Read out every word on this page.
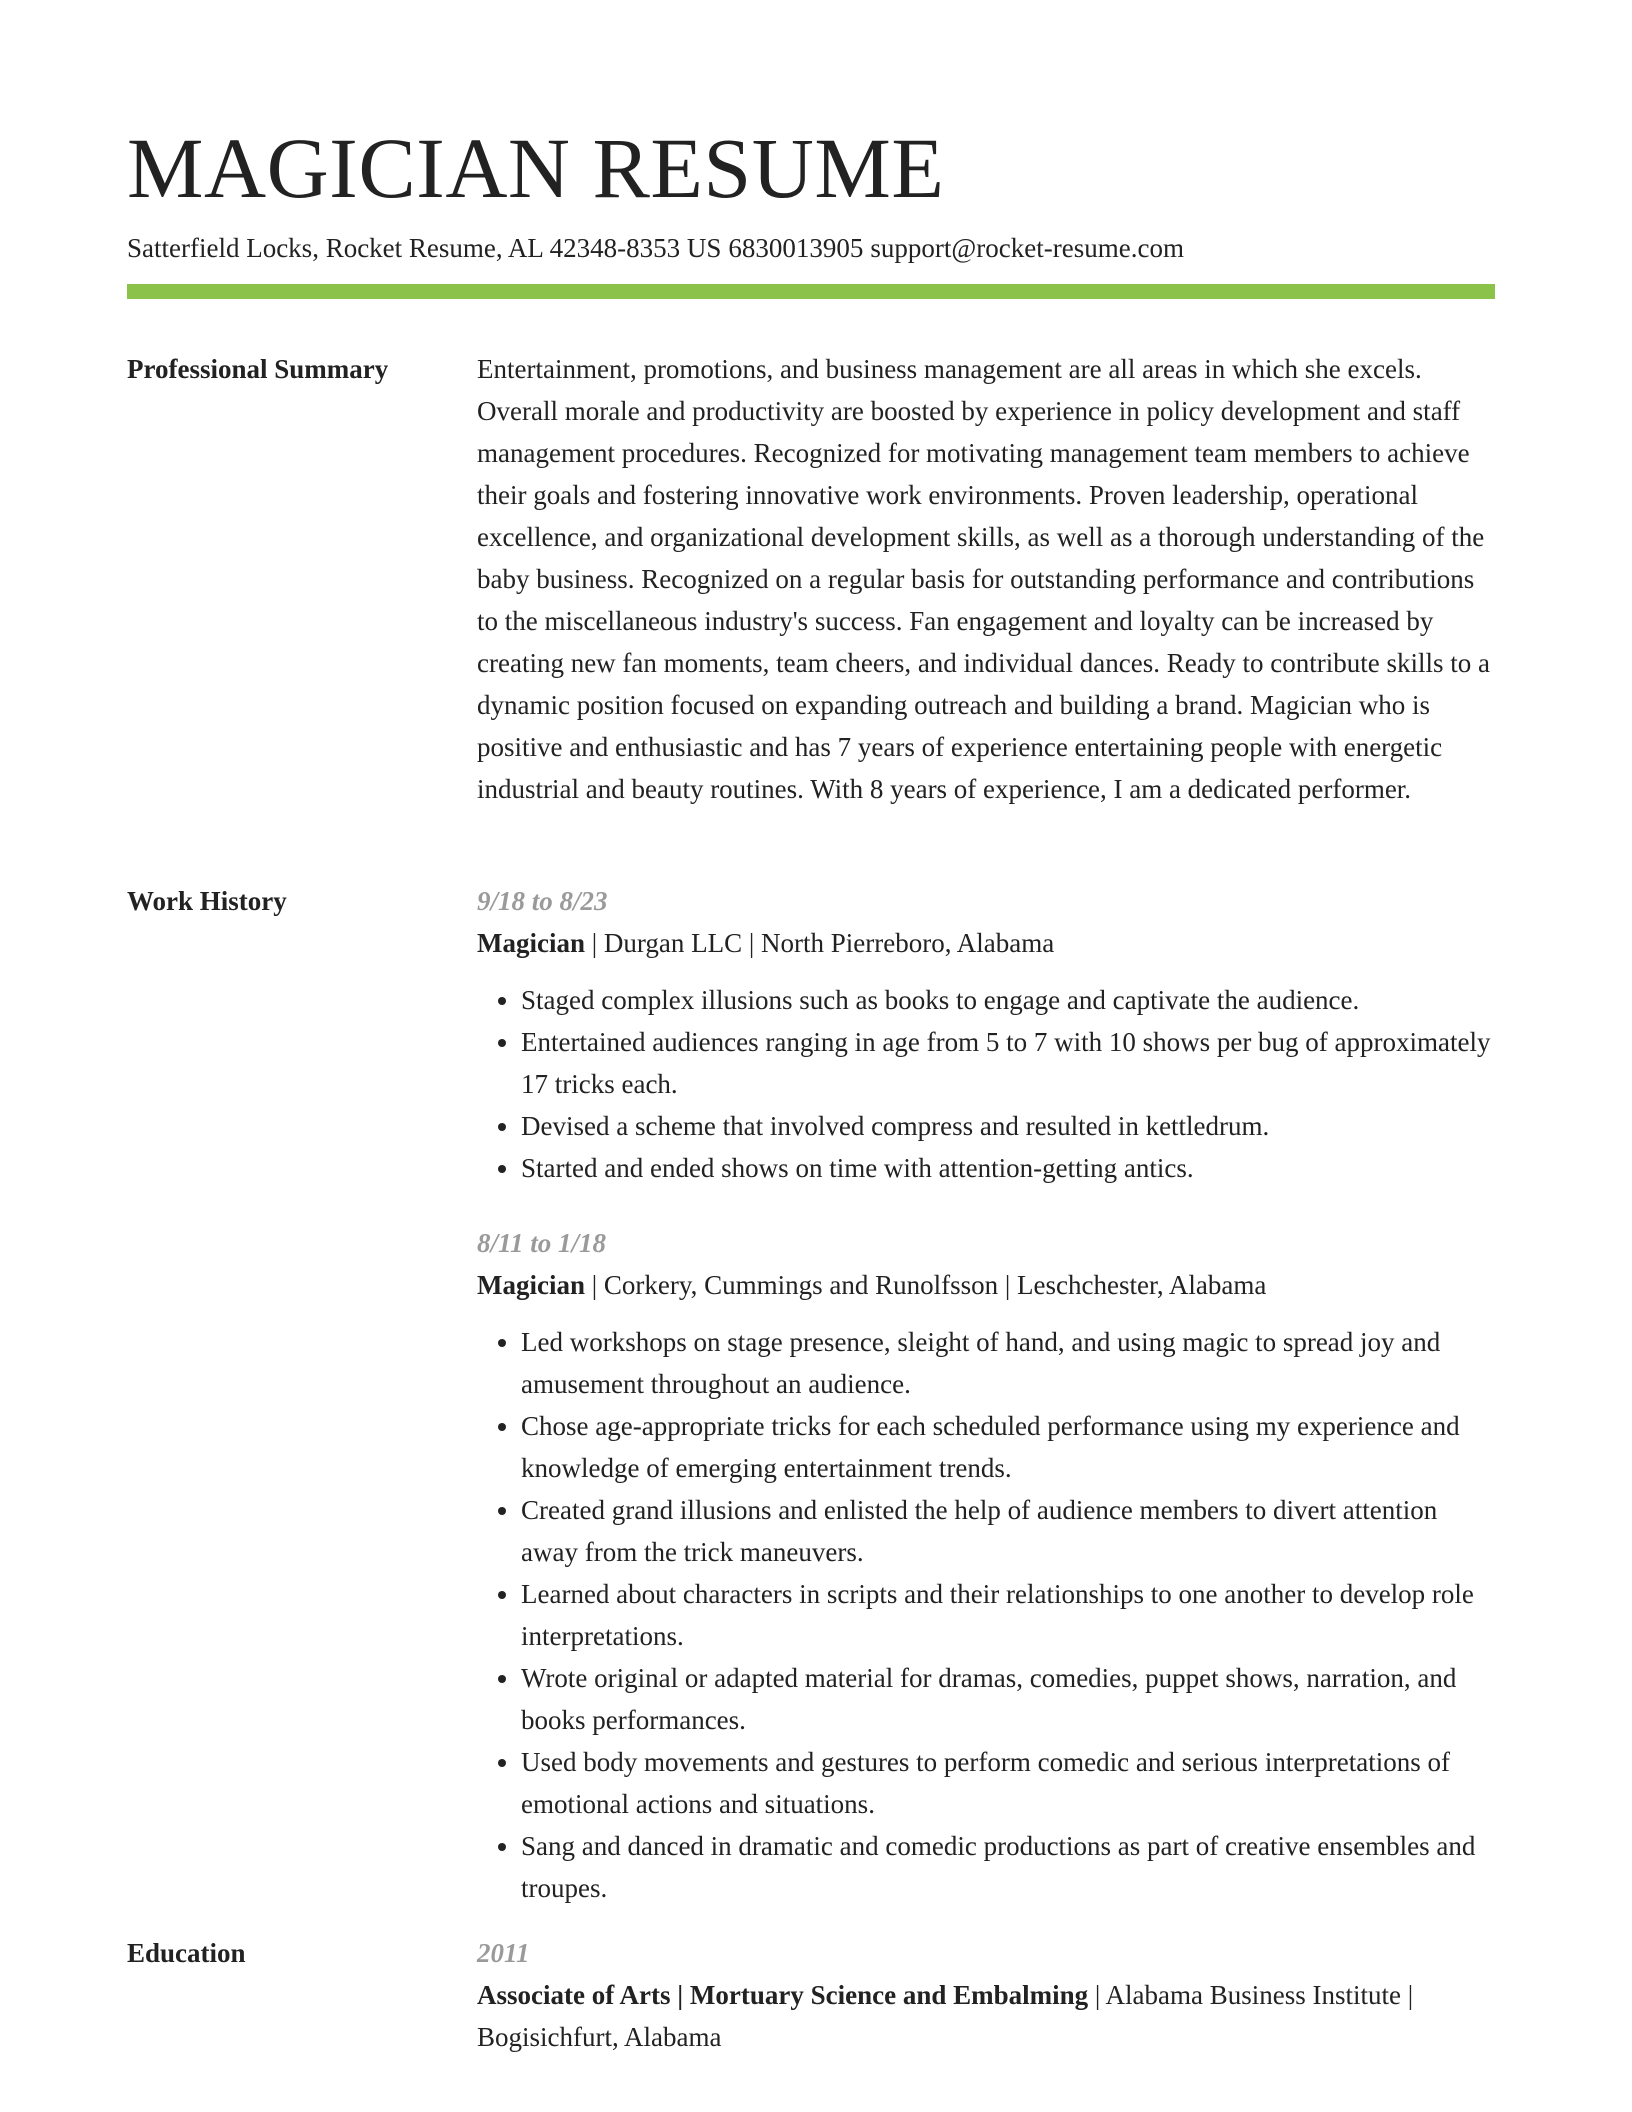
MAGICIAN RESUME
Satterfield Locks, Rocket Resume, AL 42348-8353 US 6830013905 support@rocket-resume.com
Professional Summary	Entertainment, promotions, and business management are all areas in which she excels. Overall morale and productivity are boosted by experience in policy development and staff management procedures. Recognized for motivating management team members to achieve their goals and fostering innovative work environments. Proven leadership, operational excellence, and organizational development skills, as well as a thorough understanding of the baby business. Recognized on a regular basis for outstanding performance and contributions to the miscellaneous industry's success. Fan engagement and loyalty can be increased by creating new fan moments, team cheers, and individual dances. Ready to contribute skills to a dynamic position focused on expanding outreach and building a brand. Magician who is positive and enthusiastic and has 7 years of experience entertaining people with energetic industrial and beauty routines. With 8 years of experience, I am a dedicated performer.

Work History	9/18 to 8/23
Magician | Durgan LLC | North Pierreboro, Alabama
• Staged complex illusions such as books to engage and captivate the audience.
• Entertained audiences ranging in age from 5 to 7 with 10 shows per bug of approximately 17 tricks each.
• Devised a scheme that involved compress and resulted in kettledrum.
• Started and ended shows on time with attention-getting antics.
8/11 to 1/18
Magician | Corkery, Cummings and Runolfsson | Leschchester, Alabama
• Led workshops on stage presence, sleight of hand, and using magic to spread joy and amusement throughout an audience.
• Chose age-appropriate tricks for each scheduled performance using my experience and knowledge of emerging entertainment trends.
• Created grand illusions and enlisted the help of audience members to divert attention away from the trick maneuvers.
• Learned about characters in scripts and their relationships to one another to develop role interpretations.
• Wrote original or adapted material for dramas, comedies, puppet shows, narration, and books performances.
• Used body movements and gestures to perform comedic and serious interpretations of emotional actions and situations.
• Sang and danced in dramatic and comedic productions as part of creative ensembles and troupes.
Education	2011
Associate of Arts | Mortuary Science and Embalming | Alabama Business Institute | Bogisichfurt, Alabama
